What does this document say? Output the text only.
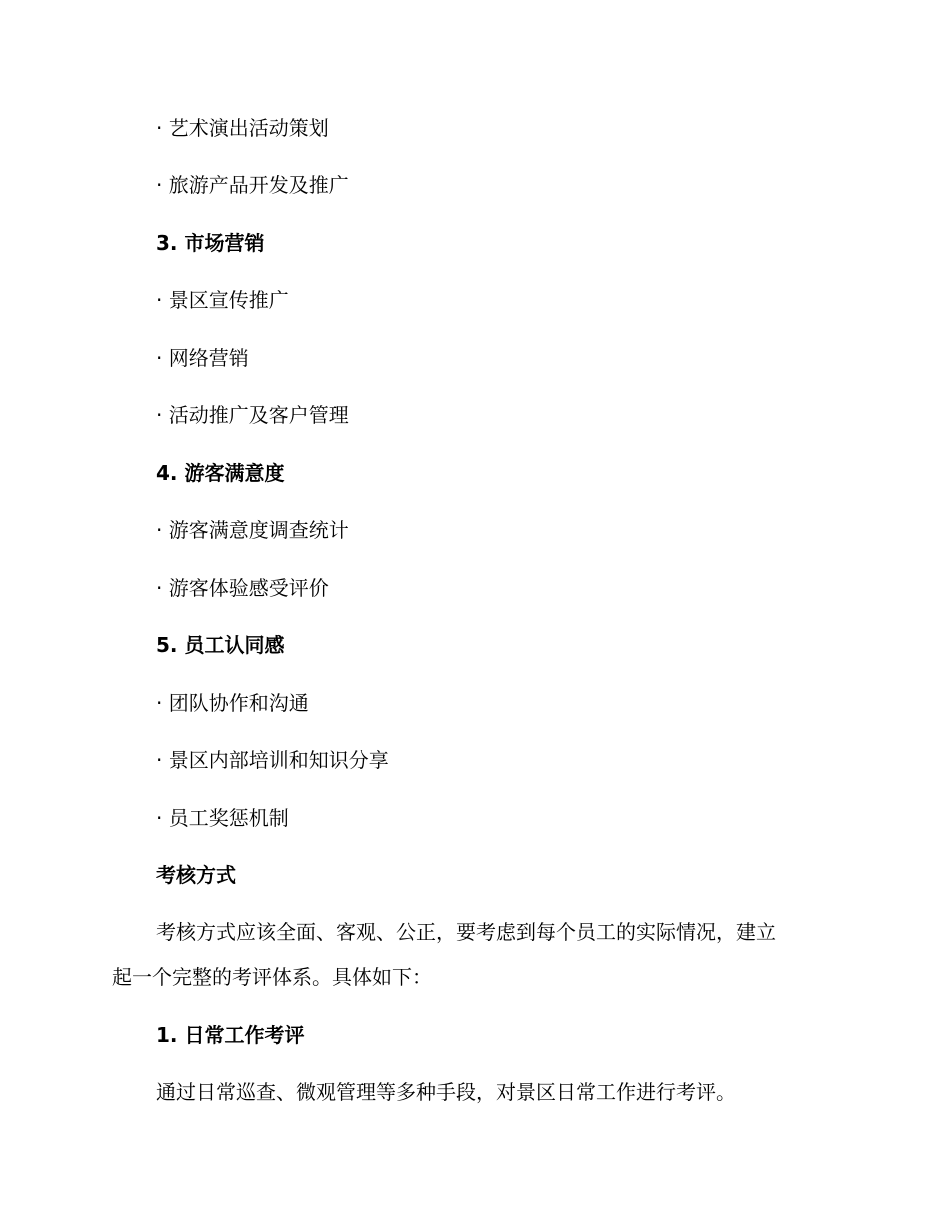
· 艺术演出活动策划
· 旅游产品开发及推广
3. 市场营销
· 景区宣传推广
· 网络营销
· 活动推广及客户管理
4. 游客满意度
· 游客满意度调查统计
· 游客体验感受评价
5. 员工认同感
· 团队协作和沟通
· 景区内部培训和知识分享
· 员工奖惩机制
考核方式
考核方式应该全面、客观、公正，要考虑到每个员工的实际情况，建立
起一个完整的考评体系。具体如下：
1. 日常工作考评
通过日常巡查、微观管理等多种手段，对景区日常工作进行考评。
